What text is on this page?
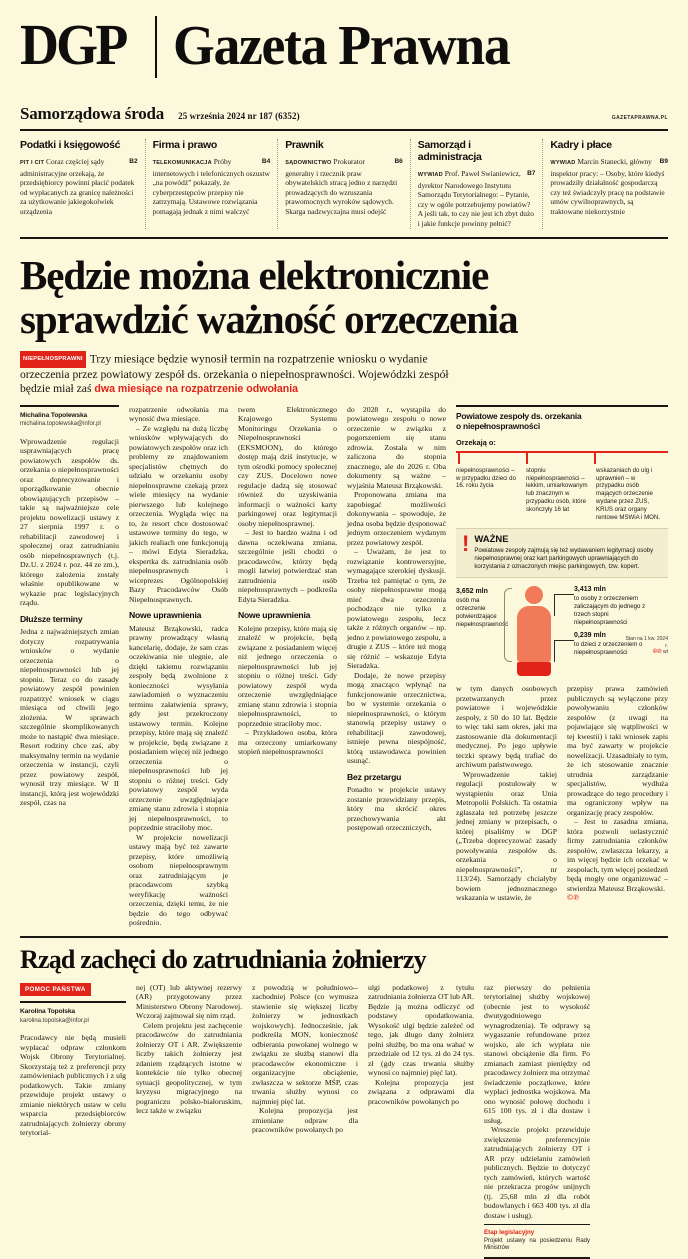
DGP Gazeta Prawna
Samorządowa środa 25 września 2024 nr 187 (6352)	GAZETAPRAWNA.PL
Podatki i księgowość
B2
PIT I CIT Coraz częściej sądy administracyjne orzekają, że przedsiębiorcy powinni płacić podatek od wypłacanych za granicę należności za użytkowanie jakiegokolwiek urządzenia
Firma i prawo
B4
TELEKOMUNIKACJA Próby internetowych i telefonicznych oszustw „na powódź” pokazały, że cyberprzestępców przepisy nie zatrzymają. Ustawowe rozwiązania pomagają jednak z nimi walczyć
Prawnik
B6
SĄDOWNICTWO Prokurator generalny i rzecznik praw obywatelskich stracą jedno z narzędzi prowadzących do wzruszania prawomocnych wyroków sądowych. Skarga nadzwyczajna musi odejść
Samorząd i administracja
B7
WYWIAD Prof. Paweł Swianiewicz, dyrektor Narodowego Instytutu Samorządu Terytorialnego: – Pytanie, czy w ogóle potrzebujemy powiatów? A jeśli tak, to czy nie jest ich zbyt dużo i jakie funkcje powinny pełnić?
Kadry i płace
B9
WYWIAD Marcin Stanecki, główny inspektor pracy: – Osoby, które kiedyś prowadziły działalność gospodarczą czy też świadczyły pracę na podstawie umów cywilnoprawnych, są traktowane niekorzystnie
Będzie można elektronicznie
sprawdzić ważność orzeczenia
NIEPEŁNOSPRAWNI Trzy miesiące będzie wynosił termin na rozpatrzenie wniosku o wydanie orzeczenia przez powiatowy zespół ds. orzekania o niepełnosprawności. Wojewódzki zespół będzie miał zaś dwa miesiące na rozpatrzenie odwołania
Michalina Topolewska
michalina.topolewska@infor.pl

Wprowadzenie regulacji usprawniających pracę powiatowych zespołów ds. orzekania o niepełnosprawności oraz doprecyzowanie i uporządkowanie obecnie obowiązujących przepisów – takie są najważniejsze cele projektu nowelizacji ustawy z 27 sierpnia 1997 r. o rehabilitacji zawodowej i społecznej oraz zatrudnianiu osób niepełnosprawnych (t.j. Dz.U. z 2024 r. poz. 44 ze zm.), którego założenia zostały właśnie opublikowane w wykazie prac legislacyjnych rządu.

Dłuższe terminy

Jedna z najważniejszych zmian dotyczy rozpatrywania wniosków o wydanie orzeczenia o niepełnosprawności lub jej stopniu. Teraz co do zasady powiatowy zespół powinien rozpatrzyć wniosek w ciągu miesiąca od chwili jego złożenia. W sprawach szczególnie skomplikowanych może to nastąpić dwa miesiące. Resort rodziny chce zaś, aby maksymalny termin na wydanie orzeczenia w instancji, czyli przez powiatowy zespół, wynosił trzy miesiące. W II instancji, którą jest wojewódzki zespół, czas na

rozpatrzenie odwołania ma wynosić dwa miesiące.

– Ze względu na dużą liczbę wniosków wpływających do powiatowych zespołów oraz ich problemy ze znajdowaniem specjalistów chętnych do udziału w orzekaniu osoby niepełnosprawne czekają przez wiele miesięcy na wydanie pierwszego lub kolejnego orzeczenia. Wygląda więc na to, że resort chce dostosować ustawowe terminy do tego, w jakich realiach one funkcjonują – mówi Edyta Sieradzka, ekspertka ds. zatrudniania osób niepełnosprawnych i wiceprezes Ogólnopolskiej Bazy Pracodawców Osób Niepełnosprawnych.

Nowe uprawnienia

Mateusz Brząkowski, radca prawny prowadzący własną kancelarię, dodaje, że sam czas oczekiwania nie ulegnie, ale dzięki takiemu rozwiązaniu zespoły będą zwolnione z konieczności wysyłania zawiadomień o wyznaczeniu terminu załatwienia sprawy, gdy jest przekroczony ustawowy termin. Kolejne przepisy, które mają się znaleźć w projekcie, będą związane z posiadaniem więcej niż jednego orzeczenia o niepełnosprawności lub jej stopniu o różnej treści. Gdy powiatowy zespół wyda orzeczenie uwzględniające zmianę stanu zdrowia i stopnia jej niepełnosprawności, to poprzednie straciłoby moc.

W projekcie nowelizacji ustawy mają być też zawarte przepisy, które umożliwią osobom niepełnosprawnym oraz zatrudniającym je pracodawcom szybką weryfikację ważności orzeczenia, dzięki temu, że nie będzie do tego odbywać pośrednio.

twem Elektronicznego Krajowego Systemu Monitoringu Orzekania o Niepełnosprawności (EKSMOON), do którego dostęp mają dziś instytucje, w tym ośrodki pomocy społecznej czy ZUS. Docelowo nowe regulacje dadzą się stosować również do uzyskiwania informacji o ważności karty parkingowej oraz legitymacji osoby niepełnosprawnej.

– Jest to bardzo ważna i od dawna oczekiwana zmiana, szczególnie jeśli chodzi o pracodawców, którzy będą mogli łatwiej potwierdzać stan zatrudnienia osób niepełnosprawnych – podkreśla Edyta Sieradzka.

Nowe uprawnienia

Kolejne przepisy, które mają się znaleźć w projekcie, będą związane z posiadaniem więcej niż jednego orzeczenia o niepełnosprawności lub jej stopniu o różnej treści. Gdy powiatowy zespół wyda orzeczenie uwzględniające zmianę stanu zdrowia i stopnia niepełnosprawności, to poprzednie straciłoby moc.

– Przykładowo osoba, która ma orzeczony umiarkowany stopień niepełnosprawności

do 2028 r., wystąpiła do powiatowego zespołu o nowe orzeczenie w związku z pogorszeniem się stanu zdrowia. Została w nim zaliczona do stopnia znacznego, ale do 2026 r. Oba dokumenty są ważne – wyjaśnia Mateusz Brząkowski.

Proponowana zmiana ma zapobiegać możliwości dokonywania – spowoduje, że jedna osoba będzie dysponować jednym orzeczeniem wydanym przez powiatowy zespół.

– Uważam, że jest to rozwiązanie kontrowersyjne, wymagające szerokiej dyskusji. Trzeba też pamiętać o tym, że osoby niepełnosprawne mogą mieć dwa orzeczenia pochodzące nie tylko z powiatowego zespołu, lecz także z różnych organów – np. jedno z powiatowego zespołu, a drugie z ZUS – które też mogą się różnić – wskazuje Edyta Sieradzka.

Dodaje, że nowe przepisy mogą znacząco wpłynąć na funkcjonowanie orzecznictwa, bo w systemie orzekania o niepełnosprawności, o którym stanowią przepisy ustawy o rehabilitacji zawodowej, istnieje pewna niespójność, którą ustawodawca powinien usunąć.

Bez przetargu

Ponadto w projekcie ustawy zostanie przewidziany przepis, który ma skrócić okres przechowywania akt postępowań orzeczniczych,

Powiatowe zespoły ds. orzekania
o niepełnosprawności
Orzekają o:
niepełnosprawności – w przypadku dzieci do 16. roku życia
stopniu niepełnosprawności – lekkim, umiarkowanym lub znacznym w przypadku osób, które skończyły 16 lat
wskazaniach do ulg i uprawnień – w przypadku osób mających orzeczenie wydane przez ZUS, KRUS oraz organy rentowe MSWiA i MON.
! WAŻNE
Powiatowe zespoły zajmują się też wydawaniem legitymacji osoby niepełnosprawnej oraz kart parkingowych uprawniających do korzystania z oznaczonych miejsc parkingowych, tzw. kopert.
3,652 mln
osób ma orzeczenie potwierdzające niepełnosprawność
3,413 mln
to osoby z orzeczeniem zaliczającym do jednego z trzech stopni niepełnosprawności
0,239 mln
to dzieci z orzeczeniem o niepełnosprawności
Stan na 1 kw. 2024 r.
©℗ wt

w tym danych osobowych przetwarzanych przez powiatowe i wojewódzkie zespoły, z 50 do 10 lat. Będzie to więc taki sam okres, jaki ma zastosowanie dla dokumentacji medycznej. Po jego upływie teczki sprawy będą trafiać do archiwum państwowego.

Wprowadzenie takiej regulacji postulowały w wystąpieniu oraz Unia Metropolii Polskich. Ta ostatnia zgłaszała też potrzebę jeszcze jednej zmiany w przepisach, o której pisaliśmy w DGP („Trzeba doprecyzować zasady powoływania zespołów ds. orzekania o niepełnosprawności”, nr 113/24). Samorządy chciałyby bowiem jednoznacznego wskazania w ustawie, że

przepisy prawa zamówień publicznych są wyłączone przy powoływaniu członków zespołów (z uwagi na pojawiające się wątpliwości w tej kwestii) i taki wniosek zapis ma być zawarty w projekcie nowelizacji. Uzasadniały to tym, że ich stosowanie znacznie utrudnia zarządzanie specjalistów, wydłuża prowadzące do tego procedury i ma ograniczony wpływ na organizację pracy zespołów.

– Jest to zasadna zmiana, która pozwoli uelastycznić firmy zatrudniania członków zespołów, zwłaszcza lekarzy, a im więcej będzie ich orzekać w zespołach, tym więcej posiedzeń będą mogły one organizować – stwierdza Mateusz Brząkowski.

©℗
Rząd zachęci do zatrudniania żołnierzy
POMOC PAŃSTWA
Karolina Topolska
karolina.topolska@infor.pl

Pracodawcy nie będą musieli wypłacać odpraw członkom Wojsk Obrony Terytorialnej. Skorzystają też z preferencji przy zamówieniach publicznych i z ulg podatkowych. Takie zmiany przewiduje projekt ustawy o zmianie niektórych ustaw w celu wsparcia przedsiębiorców zatrudniających żołnierzy obrony terytorial-

nej (OT) lub aktywnej rezerwy (AR) przygotowany przez Ministerstwo Obrony Narodowej. Wczoraj zajmował się nim rząd.

Celem projektu jest zachęcenie pracodawców do zatrudniania żołnierzy OT i AR. Zwiększenie liczby takich żołnierzy jest zdaniem rządzących istotne w kontekście nie tylko obecnej sytuacji geopolitycznej, w tym kryzysu migracyjnego na pograniczu polsko-białoruskim, lecz także w związku

z powodzią w południowo--zachodniej Polsce (co wymusza stawienie się większej liczby żołnierzy w jednostkach wojskowych). Jednocześnie, jak podkreśla MON, konieczność odbierania powołanej wolnego w związku ze służbą stanowi dla pracodawców ekonomiczne i organizacyjne obciążenie, zwłaszcza w sektorze MŚP, czas trwania służby wynosi co najmniej pięć lat.

Kolejna propozycja jest zmieniane odpraw dla pracowników powołanych po

ulgi podatkowej z tytułu zatrudniania żołnierza OT lub AR. Będzie ją można odliczyć od podstawy opodatkowania. Wysokość ulgi będzie zależeć od tego, jak długo dany żołnierz pełni służbę, bo ma ona wahać w przedziale od 12 tys. zł do 24 tys. zł (gdy czas trwania służby wynosi co najmniej pięć lat).

Kolejna propozycja jest związana z odprawami dla pracowników powołanych po

raz pierwszy do pełnienia terytorialnej służby wojskowej (obecnie jest to wysokość dwutygodniowego wynagrodzenia). Te odprawy są wygaszanie refundowane przez wojsko, ale ich wypłata nie stanowi obciążenie dla firm. Po zmianach zamiast pieniędzy od pracodawcy żołnierz ma otrzymać świadczenie początkowe, które wypłaci jednostka wojskowa. Ma ono wynosić połowę dochodu i 615 100 tys. zł i dla dostaw i usług.

Wreszcie projekt przewiduje zwiększenie preferencyjnie zatrudniających żołnierzy OT i AR przy udzielaniu zamówień publicznych. Będzie to dotyczyć tych zamówień, których wartość nie przekracza progów unijnych (tj. 25,68 mln zł dla robót budowlanych i 663 400 tys. zł dla dostaw i usług).

Etap legislacyjny
Projekt ustawy na posiedzeniu Rady Ministrów
